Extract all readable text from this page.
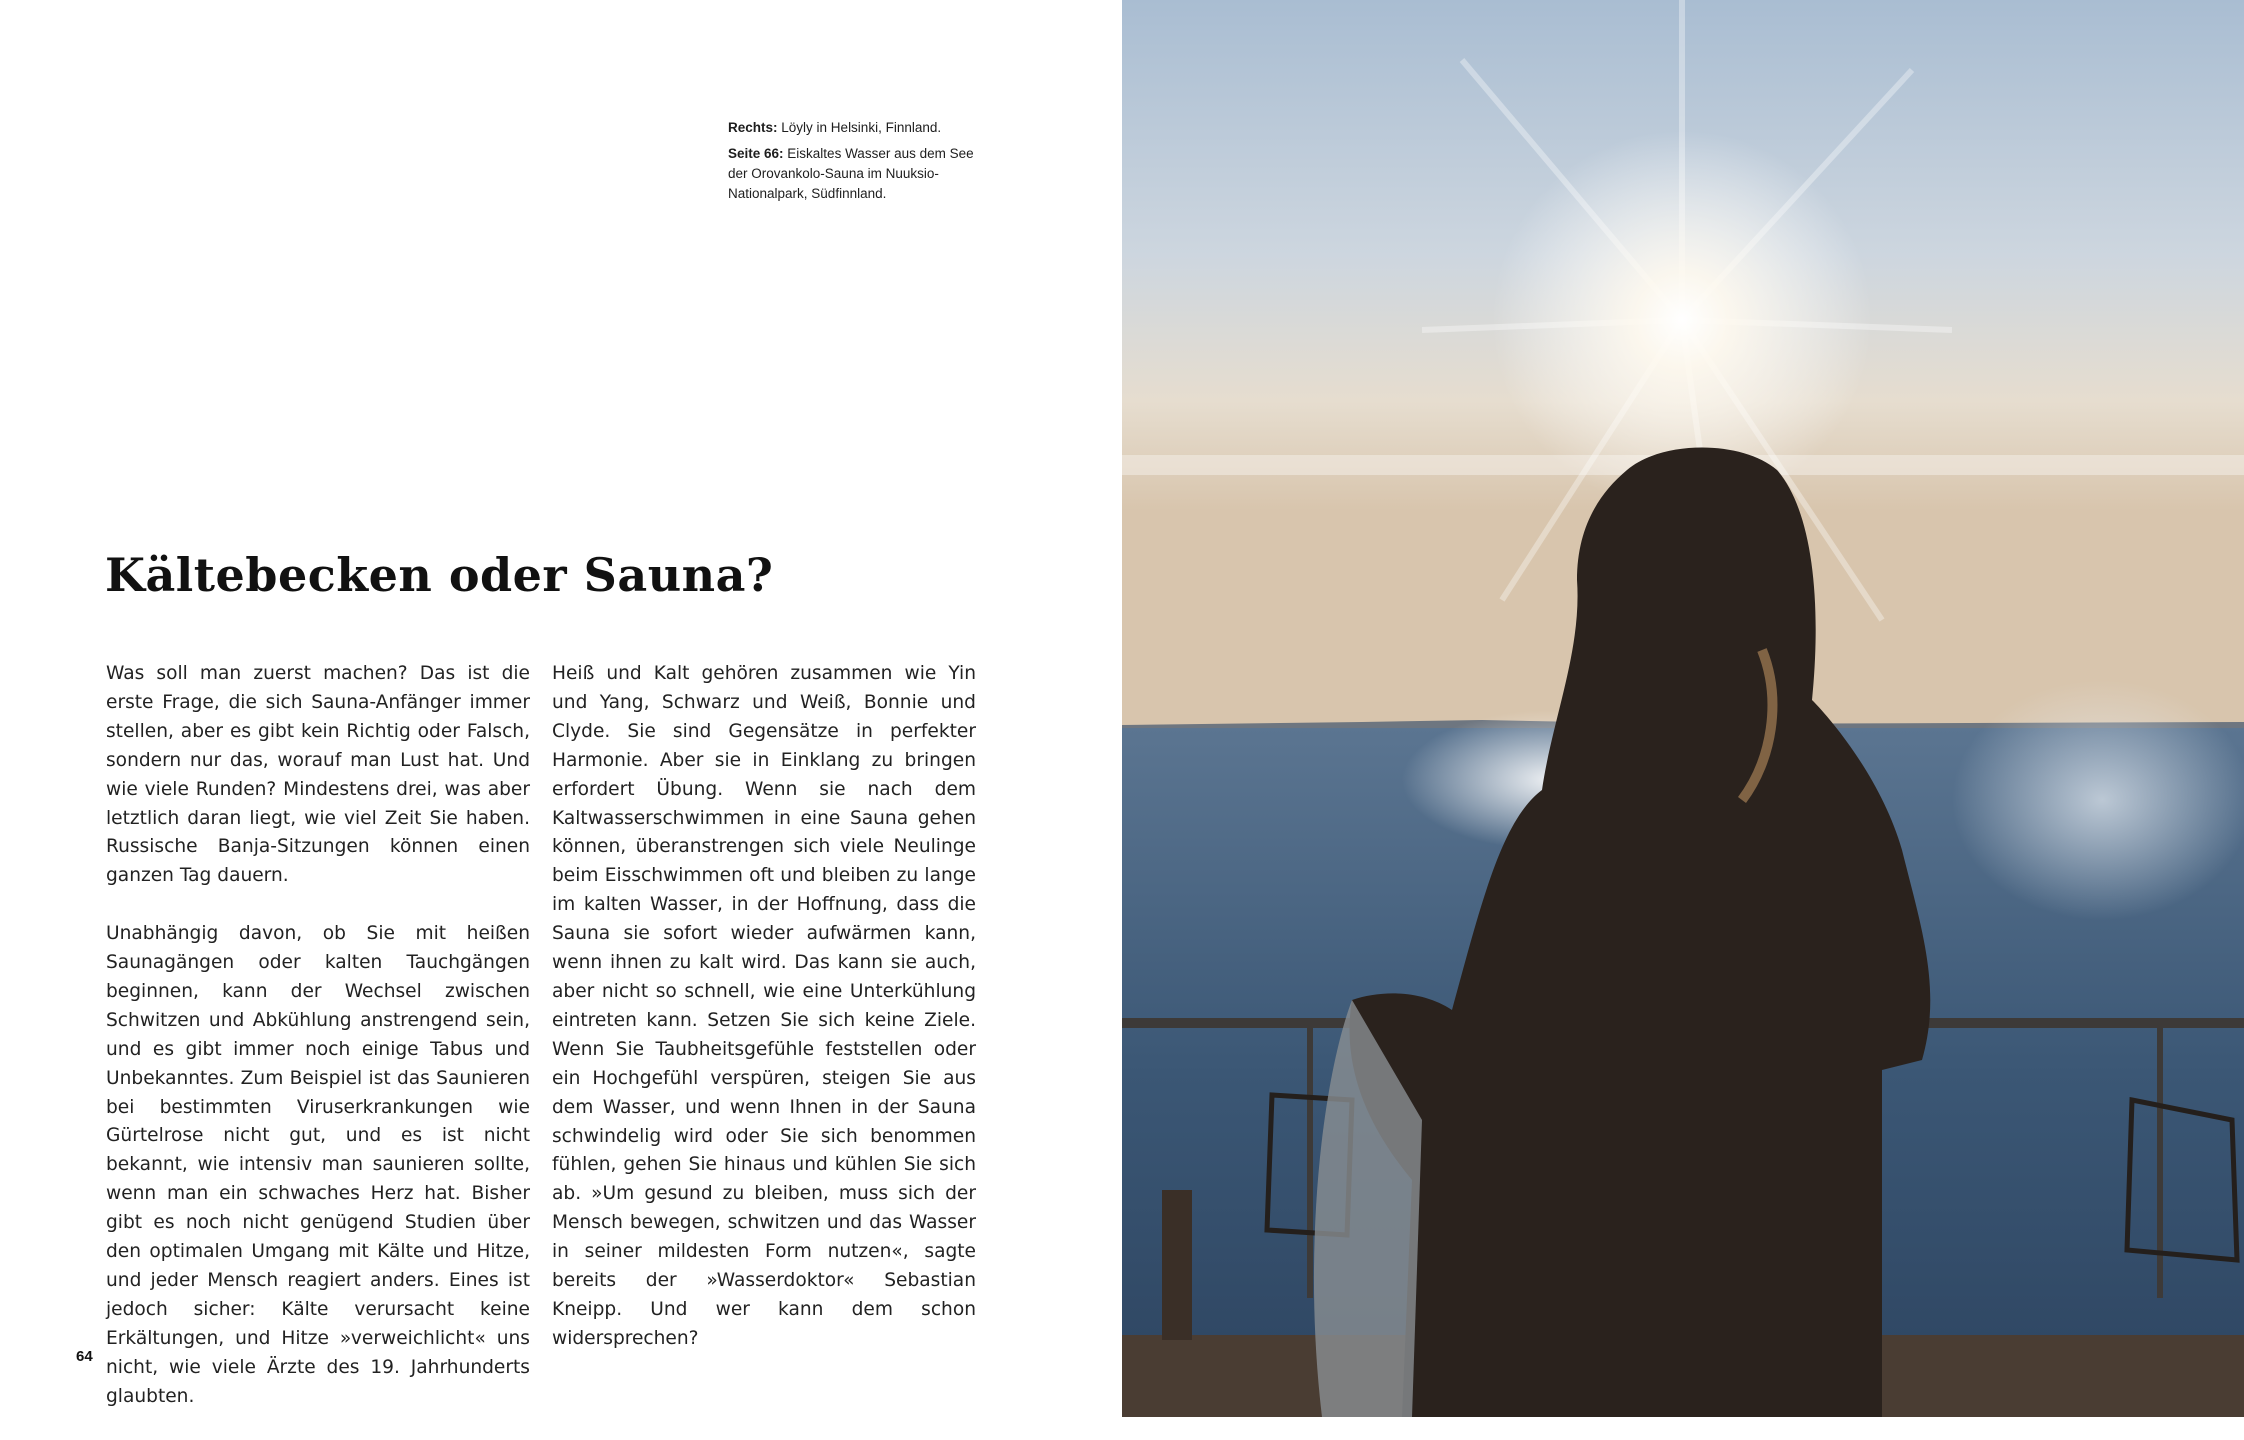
Rechts: Löyly in Helsinki, Finnland.

Seite 66: Eiskaltes Wasser aus dem See der Orovankolo-Sauna im Nuuksio-Nationalpark, Südfinnland.

Kältebecken oder Sauna?

Was soll man zuerst machen? Das ist die erste Frage, die sich Sauna-Anfänger immer stellen, aber es gibt kein Richtig oder Falsch, sondern nur das, worauf man Lust hat. Und wie viele Runden? Mindestens drei, was aber letztlich daran liegt, wie viel Zeit Sie haben. Russische Banja-Sitzungen können einen ganzen Tag dauern.

Unabhängig davon, ob Sie mit heißen Saunagängen oder kalten Tauchgängen beginnen, kann der Wechsel zwischen Schwitzen und Abkühlung anstrengend sein, und es gibt immer noch einige Tabus und Unbekanntes. Zum Beispiel ist das Saunieren bei bestimmten Viruserkrankungen wie Gürtelrose nicht gut, und es ist nicht bekannt, wie intensiv man saunieren sollte, wenn man ein schwaches Herz hat. Bisher gibt es noch nicht genügend Studien über den optimalen Umgang mit Kälte und Hitze, und jeder Mensch reagiert anders. Eines ist jedoch sicher: Kälte verursacht keine Erkältungen, und Hitze »verweichlicht« uns nicht, wie viele Ärzte des 19. Jahrhunderts glaubten.

Heiß und Kalt gehören zusammen wie Yin und Yang, Schwarz und Weiß, Bonnie und Clyde. Sie sind Gegensätze in perfekter Harmonie. Aber sie in Einklang zu bringen erfordert Übung. Wenn sie nach dem Kaltwasserschwimmen in eine Sauna gehen können, überanstrengen sich viele Neulinge beim Eisschwimmen oft und bleiben zu lange im kalten Wasser, in der Hoffnung, dass die Sauna sie sofort wieder aufwärmen kann, wenn ihnen zu kalt wird. Das kann sie auch, aber nicht so schnell, wie eine Unterkühlung eintreten kann. Setzen Sie sich keine Ziele. Wenn Sie Taubheitsgefühle feststellen oder ein Hochgefühl verspüren, steigen Sie aus dem Wasser, und wenn Ihnen in der Sauna schwindelig wird oder Sie sich benommen fühlen, gehen Sie hinaus und kühlen Sie sich ab. »Um gesund zu bleiben, muss sich der Mensch bewegen, schwitzen und das Wasser in seiner mildesten Form nutzen«, sagte bereits der »Wasserdoktor« Sebastian Kneipp. Und wer kann dem schon widersprechen?

64
